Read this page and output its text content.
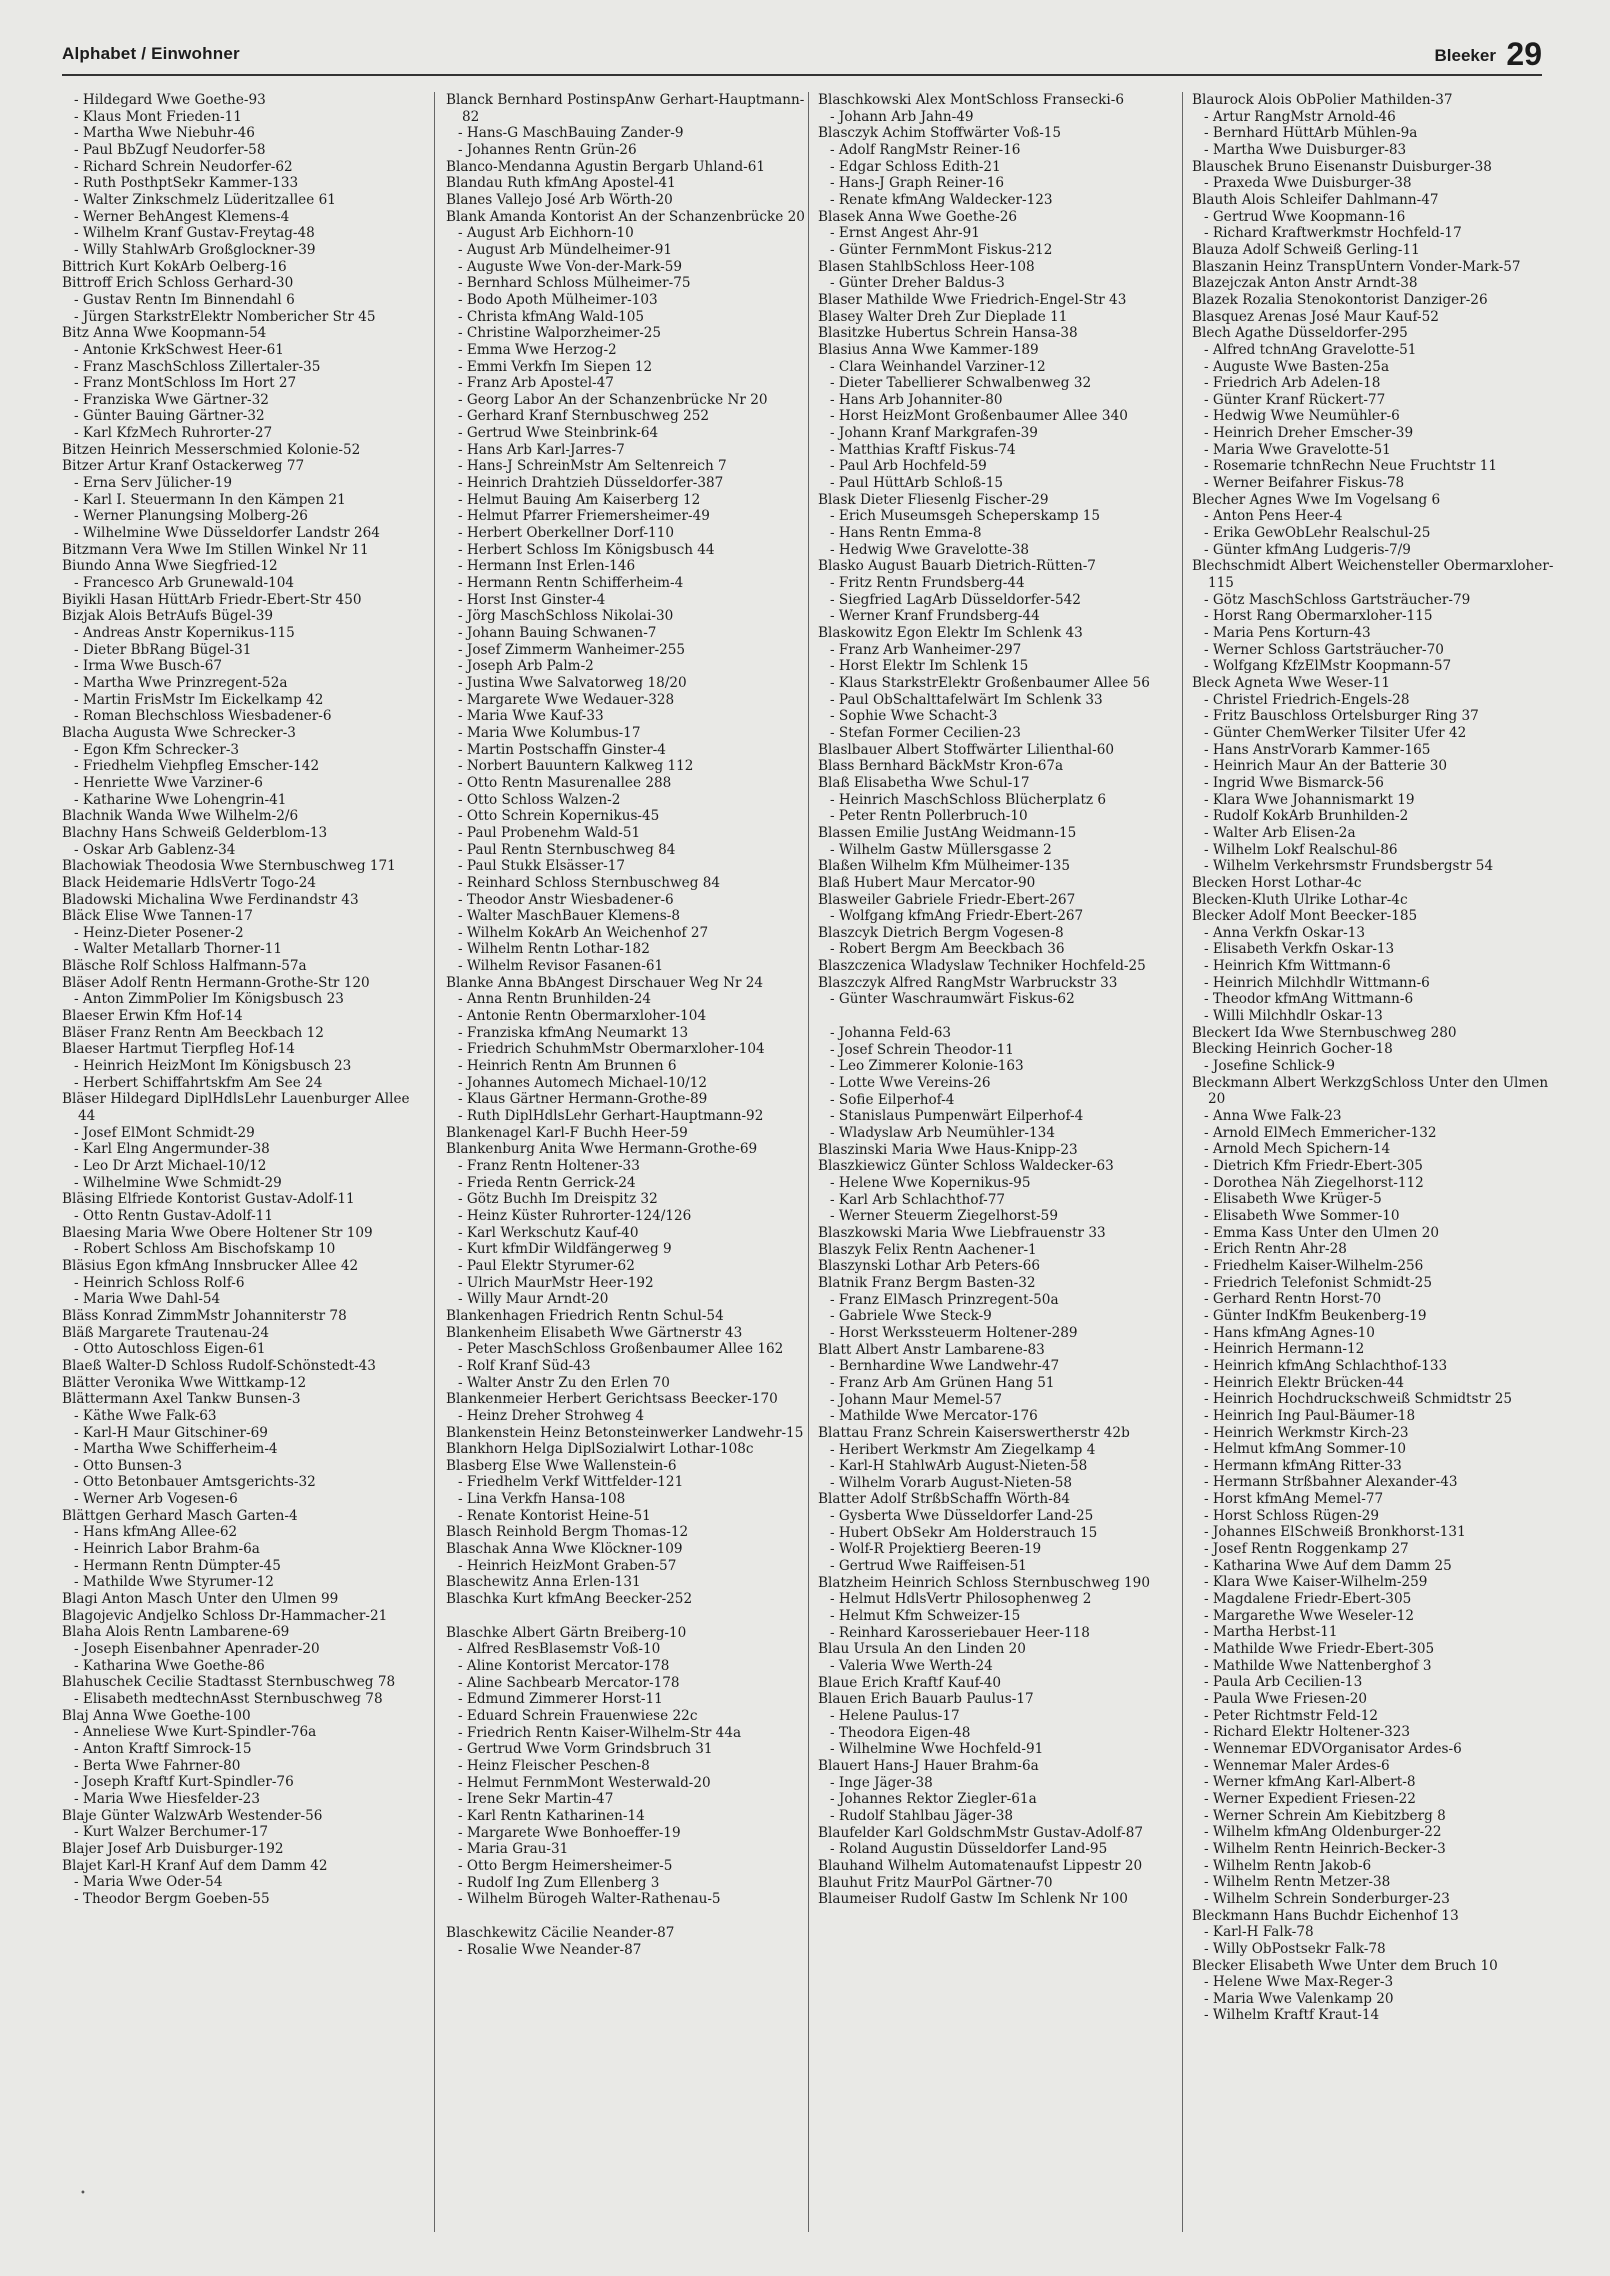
Alphabet / Einwohner	Bleeker 29
- Hildegard Wwe Goethe-93
- Klaus Mont Frieden-11
- Martha Wwe Niebuhr-46
- Paul BbZugf Neudorfer-58
- Richard Schrein Neudorfer-62
- Ruth PosthptSekr Kammer-133
- Walter Zinkschmelz Lüderitzallee 61
- Werner BehAngest Klemens-4
- Wilhelm Kranf Gustav-Freytag-48
- Willy StahlwArb Großglockner-39
Bittrich Kurt KokArb Oelberg-16
Bittroff Erich Schloss Gerhard-30
- Gustav Rentn Im Binnendahl 6
- Jürgen StarkstrElektr Nombericher Str 45
Bitz Anna Wwe Koopmann-54
- Antonie KrkSchwest Heer-61
- Franz MaschSchloss Zillertaler-35
- Franz MontSchloss Im Hort 27
- Franziska Wwe Gärtner-32
- Günter Bauing Gärtner-32
- Karl KfzMech Ruhrorter-27
Bitzen Heinrich Messerschmied Kolonie-52
Bitzer Artur Kranf Ostackerweg 77
- Erna Serv Jülicher-19
- Karl I. Steuermann In den Kämpen 21
- Werner Planungsing Molberg-26
- Wilhelmine Wwe Düsseldorfer Landstr 264
Bitzmann Vera Wwe Im Stillen Winkel Nr 11
Biundo Anna Wwe Siegfried-12
- Francesco Arb Grunewald-104
Biyikli Hasan HüttArb Friedr-Ebert-Str 450
Bizjak Alois BetrAufs Bügel-39
- Andreas Anstr Kopernikus-115
- Dieter BbRang Bügel-31
- Irma Wwe Busch-67
- Martha Wwe Prinzregent-52a
- Martin FrisMstr Im Eickelkamp 42
- Roman Blechschloss Wiesbadener-6
Blacha Augusta Wwe Schrecker-3
- Egon Kfm Schrecker-3
- Friedhelm Viehpfleg Emscher-142
- Henriette Wwe Varziner-6
- Katharine Wwe Lohengrin-41
Blachnik Wanda Wwe Wilhelm-2/6
Blachny Hans Schweiß Gelderblom-13
- Oskar Arb Gablenz-34
Blachowiak Theodosia Wwe Sternbuschweg 171
Black Heidemarie HdlsVertr Togo-24
Bladowski Michalina Wwe Ferdinandstr 43
Bläck Elise Wwe Tannen-17
- Heinz-Dieter Posener-2
- Walter Metallarb Thorner-11
Bläsche Rolf Schloss Halfmann-57a
Bläser Adolf Rentn Hermann-Grothe-Str 120
- Anton ZimmPolier Im Königsbusch 23
Blaeser Erwin Kfm Hof-14
Bläser Franz Rentn Am Beeckbach 12
Blaeser Hartmut Tierpfleg Hof-14
- Heinrich HeizMont Im Königsbusch 23
- Herbert Schiffahrtskfm Am See 24
Bläser Hildegard DiplHdlsLehr Lauenburger Allee 44
- Josef ElMont Schmidt-29
- Karl Elng Angermunder-38
- Leo Dr Arzt Michael-10/12
- Wilhelmine Wwe Schmidt-29
Bläsing Elfriede Kontorist Gustav-Adolf-11
- Otto Rentn Gustav-Adolf-11
Blaesing Maria Wwe Obere Holtener Str 109
- Robert Schloss Am Bischofskamp 10
Bläsius Egon kfmAng Innsbrucker Allee 42
- Heinrich Schloss Rolf-6
- Maria Wwe Dahl-54
Bläss Konrad ZimmMstr Johanniterstr 78
Bläß Margarete Trautenau-24
- Otto Autoschloss Eigen-61
Blaeß Walter-D Schloss Rudolf-Schönstedt-43
Blätter Veronika Wwe Wittkamp-12
Blättermann Axel Tankw Bunsen-3
- Käthe Wwe Falk-63
- Karl-H Maur Gitschiner-69
- Martha Wwe Schifferheim-4
- Otto Bunsen-3
- Otto Betonbauer Amtsgerichts-32
- Werner Arb Vogesen-6
Blättgen Gerhard Masch Garten-4
- Hans kfmAng Allee-62
- Heinrich Labor Brahm-6a
- Hermann Rentn Dümpter-45
- Mathilde Wwe Styrumer-12
Blagi Anton Masch Unter den Ulmen 99
Blagojevic Andjelko Schloss Dr-Hammacher-21
Blaha Alois Rentn Lambarene-69
- Joseph Eisenbahner Apenrader-20
- Katharina Wwe Goethe-86
Blahuschek Cecilie Stadtasst Sternbuschweg 78
- Elisabeth medtechnAsst Sternbuschweg 78
Blaj Anna Wwe Goethe-100
- Anneliese Wwe Kurt-Spindler-76a
- Anton Kraftf Simrock-15
- Berta Wwe Fahrner-80
- Joseph Kraftf Kurt-Spindler-76
- Maria Wwe Hiesfelder-23
Blaje Günter WalzwArb Westender-56
- Kurt Walzer Berchumer-17
Blajer Josef Arb Duisburger-192
Blajet Karl-H Kranf Auf dem Damm 42
- Maria Wwe Oder-54
- Theodor Bergm Goeben-55
Blanck Bernhard PostinspAnw Gerhart-Hauptmann-82
- Hans-G MaschBauing Zander-9
- Johannes Rentn Grün-26
Blanco-Mendanna Agustin Bergarb Uhland-61
Blandau Ruth kfmAng Apostel-41
Blanes Vallejo José Arb Wörth-20
Blank Amanda Kontorist An der Schanzenbrücke 20
- August Arb Eichhorn-10
- August Arb Mündelheimer-91
- Auguste Wwe Von-der-Mark-59
- Bernhard Schloss Mülheimer-75
- Bodo Apoth Mülheimer-103
- Christa kfmAng Wald-105
- Christine Walporzheimer-25
- Emma Wwe Herzog-2
- Emmi Verkfn Im Siepen 12
- Franz Arb Apostel-47
- Georg Labor An der Schanzenbrücke Nr 20
- Gerhard Kranf Sternbuschweg 252
- Gertrud Wwe Steinbrink-64
- Hans Arb Karl-Jarres-7
- Hans-J SchreinMstr Am Seltenreich 7
- Heinrich Drahtzieh Düsseldorfer-387
- Helmut Bauing Am Kaiserberg 12
- Helmut Pfarrer Friemersheimer-49
- Herbert Oberkellner Dorf-110
- Herbert Schloss Im Königsbusch 44
- Hermann Inst Erlen-146
- Hermann Rentn Schifferheim-4
- Horst Inst Ginster-4
- Jörg MaschSchloss Nikolai-30
- Johann Bauing Schwanen-7
- Josef Zimmerm Wanheimer-255
- Joseph Arb Palm-2
- Justina Wwe Salvatorweg 18/20
- Margarete Wwe Wedauer-328
- Maria Wwe Kauf-33
- Maria Wwe Kolumbus-17
- Martin Postschaffn Ginster-4
- Norbert Bauuntern Kalkweg 112
- Otto Rentn Masurenallee 288
- Otto Schloss Walzen-2
- Otto Schrein Kopernikus-45
- Paul Probenehm Wald-51
- Paul Rentn Sternbuschweg 84
- Paul Stukk Elsässer-17
- Reinhard Schloss Sternbuschweg 84
- Theodor Anstr Wiesbadener-6
- Walter MaschBauer Klemens-8
- Wilhelm KokArb An Weichenhof 27
- Wilhelm Rentn Lothar-182
- Wilhelm Revisor Fasanen-61
Blanke Anna BbAngest Dirschauer Weg Nr 24
- Anna Rentn Brunhilden-24
- Antonie Rentn Obermarxloher-104
- Franziska kfmAng Neumarkt 13
- Friedrich SchuhmMstr Obermarxloher-104
- Heinrich Rentn Am Brunnen 6
- Johannes Automech Michael-10/12
- Klaus Gärtner Hermann-Grothe-89
- Ruth DiplHdlsLehr Gerhart-Hauptmann-92
Blankenagel Karl-F Buchh Heer-59
Blankenburg Anita Wwe Hermann-Grothe-69
- Franz Rentn Holtener-33
- Frieda Rentn Gerrick-24
- Götz Buchh Im Dreispitz 32
- Heinz Küster Ruhrorter-124/126
- Karl Werkschutz Kauf-40
- Kurt kfmDir Wildfängerweg 9
- Paul Elektr Styrumer-62
- Ulrich MaurMstr Heer-192
- Willy Maur Arndt-20
Blankenhagen Friedrich Rentn Schul-54
Blankenheim Elisabeth Wwe Gärtnerstr 43
- Peter MaschSchloss Großenbaumer Allee 162
- Rolf Kranf Süd-43
- Walter Anstr Zu den Erlen 70
Blankenmeier Herbert Gerichtsass Beecker-170
- Heinz Dreher Strohweg 4
Blankenstein Heinz Betonsteinwerker Landwehr-15
Blankhorn Helga DiplSozialwirt Lothar-108c
Blasberg Else Wwe Wallenstein-6
- Friedhelm Verkf Wittfelder-121
- Lina Verkfn Hansa-108
- Renate Kontorist Heine-51
Blasch Reinhold Bergm Thomas-12
Blaschak Anna Wwe Klöckner-109
- Heinrich HeizMont Graben-57
Blaschewitz Anna Erlen-131
Blaschka Kurt kfmAng Beecker-252
Blaschke Albert Gärtn Breiberg-10
- Alfred ResBlasemstr Voß-10
- Aline Kontorist Mercator-178
- Aline Sachbearb Mercator-178
- Edmund Zimmerer Horst-11
- Eduard Schrein Frauenwiese 22c
- Friedrich Rentn Kaiser-Wilhelm-Str 44a
- Gertrud Wwe Vorm Grindsbruch 31
- Heinz Fleischer Peschen-8
- Helmut FernmMont Westerwald-20
- Irene Sekr Martin-47
- Karl Rentn Katharinen-14
- Margarete Wwe Bonhoeffer-19
- Maria Grau-31
- Otto Bergm Heimersheimer-5
- Rudolf Ing Zum Ellenberg 3
- Wilhelm Bürogeh Walter-Rathenau-5
Blaschkewitz Cäcilie Neander-87
- Rosalie Wwe Neander-87
Blaschkowski Alex MontSchloss Fransecki-6
- Johann Arb Jahn-49
Blasczyk Achim Stoffwärter Voß-15
- Adolf RangMstr Reiner-16
- Edgar Schloss Edith-21
- Hans-J Graph Reiner-16
- Renate kfmAng Waldecker-123
Blasek Anna Wwe Goethe-26
- Ernst Angest Ahr-91
- Günter FernmMont Fiskus-212
Blasen StahlbSchloss Heer-108
- Günter Dreher Baldus-3
Blaser Mathilde Wwe Friedrich-Engel-Str 43
Blasey Walter Dreh Zur Dieplade 11
Blasitzke Hubertus Schrein Hansa-38
Blasius Anna Wwe Kammer-189
- Clara Weinhandel Varziner-12
- Dieter Tabellierer Schwalbenweg 32
- Hans Arb Johanniter-80
- Horst HeizMont Großenbaumer Allee 340
- Johann Kranf Markgrafen-39
- Matthias Kraftf Fiskus-74
- Paul Arb Hochfeld-59
- Paul HüttArb Schloß-15
Blask Dieter Fliesenlg Fischer-29
- Erich Museumsgeh Scheperskamp 15
- Hans Rentn Emma-8
- Hedwig Wwe Gravelotte-38
Blasko August Bauarb Dietrich-Rütten-7
- Fritz Rentn Frundsberg-44
- Siegfried LagArb Düsseldorfer-542
- Werner Kranf Frundsberg-44
Blaskowitz Egon Elektr Im Schlenk 43
- Franz Arb Wanheimer-297
- Horst Elektr Im Schlenk 15
- Klaus StarkstrElektr Großenbaumer Allee 56
- Paul ObSchalttafelwärt Im Schlenk 33
- Sophie Wwe Schacht-3
- Stefan Former Cecilien-23
Blaslbauer Albert Stoffwärter Lilienthal-60
Blass Bernhard BäckMstr Kron-67a
Blaß Elisabetha Wwe Schul-17
- Heinrich MaschSchloss Blücherplatz 6
- Peter Rentn Pollerbruch-10
Blassen Emilie JustAng Weidmann-15
- Wilhelm Gastw Müllersgasse 2
Blaßen Wilhelm Kfm Mülheimer-135
Blaß Hubert Maur Mercator-90
Blasweiler Gabriele Friedr-Ebert-267
- Wolfgang kfmAng Friedr-Ebert-267
Blaszcyk Dietrich Bergm Vogesen-8
- Robert Bergm Am Beeckbach 36
Blaszczenica Wladyslaw Techniker Hochfeld-25
Blaszczyk Alfred RangMstr Warbruckstr 33
- Günter Waschraumwärt Fiskus-62
- Johanna Feld-63
- Josef Schrein Theodor-11
- Leo Zimmerer Kolonie-163
- Lotte Wwe Vereins-26
- Sofie Eilperhof-4
- Stanislaus Pumpenwärt Eilperhof-4
- Wladyslaw Arb Neumühler-134
Blaszinski Maria Wwe Haus-Knipp-23
Blaszkiewicz Günter Schloss Waldecker-63
- Helene Wwe Kopernikus-95
- Karl Arb Schlachthof-77
- Werner Steuerm Ziegelhorst-59
Blaszkowski Maria Wwe Liebfrauenstr 33
Blaszyk Felix Rentn Aachener-1
Blaszynski Lothar Arb Peters-66
Blatnik Franz Bergm Basten-32
- Franz ElMasch Prinzregent-50a
- Gabriele Wwe Steck-9
- Horst Werkssteuerm Holtener-289
Blatt Albert Anstr Lambarene-83
- Bernhardine Wwe Landwehr-47
- Franz Arb Am Grünen Hang 51
- Johann Maur Memel-57
- Mathilde Wwe Mercator-176
Blattau Franz Schrein Kaiserswertherstr 42b
- Heribert Werkmstr Am Ziegelkamp 4
- Karl-H StahlwArb August-Nieten-58
- Wilhelm Vorarb August-Nieten-58
Blatter Adolf StrßbSchaffn Wörth-84
- Gysberta Wwe Düsseldorfer Land-25
- Hubert ObSekr Am Holderstrauch 15
- Wolf-R Projektierg Beeren-19
- Gertrud Wwe Raiffeisen-51
Blatzheim Heinrich Schloss Sternbuschweg 190
- Helmut HdlsVertr Philosophenweg 2
- Helmut Kfm Schweizer-15
- Reinhard Karosseriebauer Heer-118
Blau Ursula An den Linden 20
- Valeria Wwe Werth-24
Blaue Erich Kraftf Kauf-40
Blauen Erich Bauarb Paulus-17
- Helene Paulus-17
- Theodora Eigen-48
- Wilhelmine Wwe Hochfeld-91
Blauert Hans-J Hauer Brahm-6a
- Inge Jäger-38
- Johannes Rektor Ziegler-61a
- Rudolf Stahlbau Jäger-38
Blaufelder Karl GoldschmMstr Gustav-Adolf-87
- Roland Augustin Düsseldorfer Land-95
Blauhand Wilhelm Automatenaufst Lippestr 20
Blauhut Fritz MaurPol Gärtner-70
Blaumeiser Rudolf Gastw Im Schlenk Nr 100
Blaurock Alois ObPolier Mathilden-37
- Artur RangMstr Arnold-46
- Bernhard HüttArb Mühlen-9a
- Martha Wwe Duisburger-83
Blauschek Bruno Eisenanstr Duisburger-38
- Praxeda Wwe Duisburger-38
Blauth Alois Schleifer Dahlmann-47
- Gertrud Wwe Koopmann-16
- Richard Kraftwerkmstr Hochfeld-17
Blauza Adolf Schweiß Gerling-11
Blaszanin Heinz TranspUntern Vonder-Mark-57
Blazejczak Anton Anstr Arndt-38
Blazek Rozalia Stenokontorist Danziger-26
Blasquez Arenas José Maur Kauf-52
Blech Agathe Düsseldorfer-295
- Alfred tchnAng Gravelotte-51
- Auguste Wwe Basten-25a
- Friedrich Arb Adelen-18
- Günter Kranf Rückert-77
- Hedwig Wwe Neumühler-6
- Heinrich Dreher Emscher-39
- Maria Wwe Gravelotte-51
- Rosemarie tchnRechn Neue Fruchtstr 11
- Werner Beifahrer Fiskus-78
Blecher Agnes Wwe Im Vogelsang 6
- Anton Pens Heer-4
- Erika GewObLehr Realschul-25
- Günter kfmAng Ludgeris-7/9
Blechschmidt Albert Weichensteller Obermarxloher-115
- Götz MaschSchloss Gartsträucher-79
- Horst Rang Obermarxloher-115
- Maria Pens Korturn-43
- Werner Schloss Gartsträucher-70
- Wolfgang KfzElMstr Koopmann-57
Bleck Agneta Wwe Weser-11
- Christel Friedrich-Engels-28
- Fritz Bauschloss Ortelsburger Ring 37
- Günter ChemWerker Tilsiter Ufer 42
- Hans AnstrVorarb Kammer-165
- Heinrich Maur An der Batterie 30
- Ingrid Wwe Bismarck-56
- Klara Wwe Johannismarkt 19
- Rudolf KokArb Brunhilden-2
- Walter Arb Elisen-2a
- Wilhelm Lokf Realschul-86
- Wilhelm Verkehrsmstr Frundsbergstr 54
Blecken Horst Lothar-4c
Blecken-Kluth Ulrike Lothar-4c
Blecker Adolf Mont Beecker-185
- Anna Verkfn Oskar-13
- Elisabeth Verkfn Oskar-13
- Heinrich Kfm Wittmann-6
- Heinrich Milchhdlr Wittmann-6
- Theodor kfmAng Wittmann-6
- Willi Milchhdlr Oskar-13
Bleckert Ida Wwe Sternbuschweg 280
Blecking Heinrich Gocher-18
- Josefine Schlick-9
Bleckmann Albert WerkzgSchloss Unter den Ulmen 20
- Anna Wwe Falk-23
- Arnold ElMech Emmericher-132
- Arnold Mech Spichern-14
- Dietrich Kfm Friedr-Ebert-305
- Dorothea Näh Ziegelhorst-112
- Elisabeth Wwe Krüger-5
- Elisabeth Wwe Sommer-10
- Emma Kass Unter den Ulmen 20
- Erich Rentn Ahr-28
- Friedhelm Kaiser-Wilhelm-256
- Friedrich Telefonist Schmidt-25
- Gerhard Rentn Horst-70
- Günter IndKfm Beukenberg-19
- Hans kfmAng Agnes-10
- Heinrich Hermann-12
- Heinrich kfmAng Schlachthof-133
- Heinrich Elektr Brücken-44
- Heinrich Hochdruckschweiß Schmidtstr 25
- Heinrich Ing Paul-Bäumer-18
- Heinrich Werkmstr Kirch-23
- Helmut kfmAng Sommer-10
- Hermann kfmAng Ritter-33
- Hermann Strßbahner Alexander-43
- Horst kfmAng Memel-77
- Horst Schloss Rügen-29
- Johannes ElSchweiß Bronkhorst-131
- Josef Rentn Roggenkamp 27
- Katharina Wwe Auf dem Damm 25
- Klara Wwe Kaiser-Wilhelm-259
- Magdalene Friedr-Ebert-305
- Margarethe Wwe Weseler-12
- Martha Herbst-11
- Mathilde Wwe Friedr-Ebert-305
- Mathilde Wwe Nattenberghof 3
- Paula Arb Cecilien-13
- Paula Wwe Friesen-20
- Peter Richtmstr Feld-12
- Richard Elektr Holtener-323
- Wennemar EDVOrganisator Ardes-6
- Wennemar Maler Ardes-6
- Werner kfmAng Karl-Albert-8
- Werner Expedient Friesen-22
- Werner Schrein Am Kiebitzberg 8
- Wilhelm kfmAng Oldenburger-22
- Wilhelm Rentn Heinrich-Becker-3
- Wilhelm Rentn Jakob-6
- Wilhelm Rentn Metzer-38
- Wilhelm Schrein Sonderburger-23
Bleckmann Hans Buchdr Eichenhof 13
- Karl-H Falk-78
- Willy ObPostsekr Falk-78
Blecker Elisabeth Wwe Unter dem Bruch 10
- Helene Wwe Max-Reger-3
- Maria Wwe Valenkamp 20
- Wilhelm Kraftf Kraut-14
•
